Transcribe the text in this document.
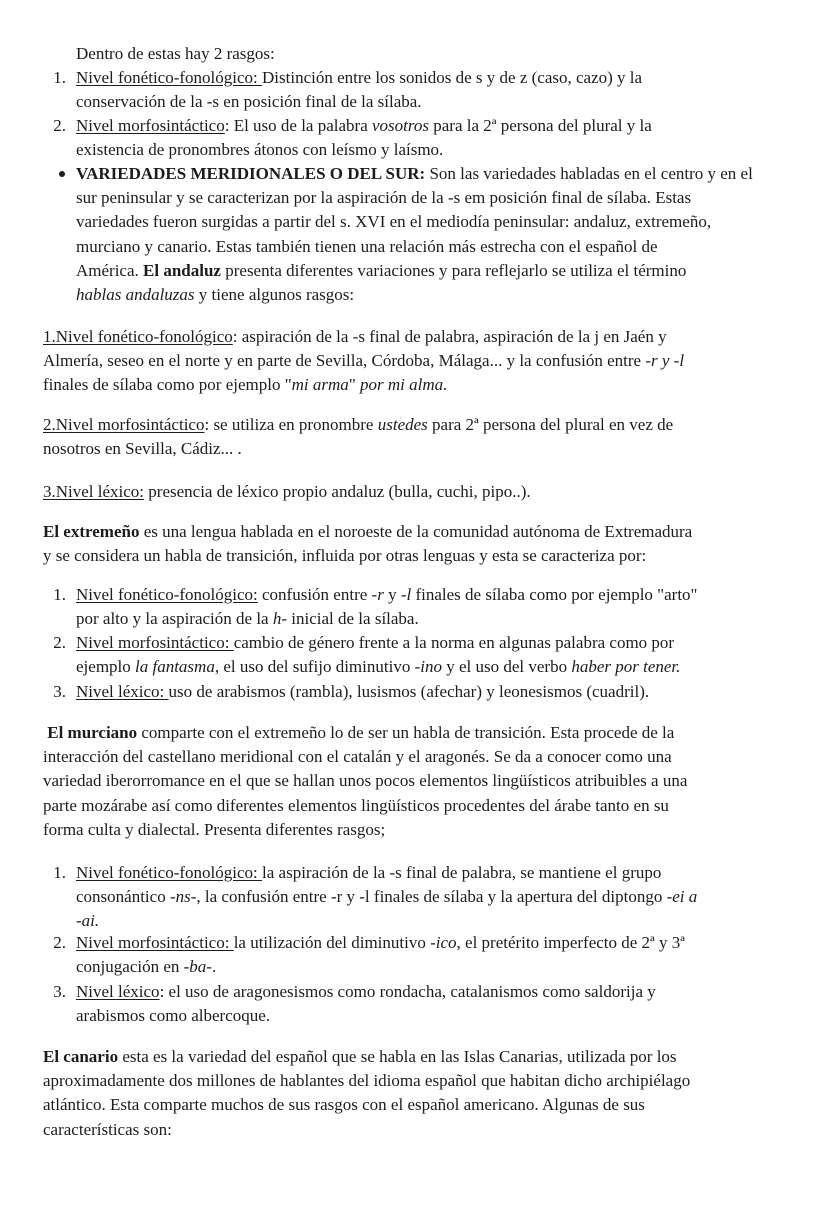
Dentro de estas hay 2 rasgos:
1. Nivel fonético-fonológico: Distinción entre los sonidos de s y de z (caso, cazo) y la
conservación de la -s en posición final de la sílaba.
2. Nivel morfosintáctico: El uso de la palabra vosotros para la 2ª persona del plural y la
existencia de pronombres átonos con leísmo y laísmo.
VARIEDADES MERIDIONALES O DEL SUR: Son las variedades habladas en el centro y en el
sur peninsular y se caracterizan por la aspiración de la -s em posición final de sílaba. Estas
variedades fueron surgidas a partir del s. XVI en el mediodía peninsular: andaluz, extremeño,
murciano y canario. Estas también tienen una relación más estrecha con el español de
América. El andaluz presenta diferentes variaciones y para reflejarlo se utiliza el término
hablas andaluzas y tiene algunos rasgos:
1.Nivel fonético-fonológico: aspiración de la -s final de palabra, aspiración de la j en Jaén y
Almería, seseo en el norte y en parte de Sevilla, Córdoba, Málaga... y la confusión entre -r y -l
finales de sílaba como por ejemplo "mi arma" por mi alma.
2.Nivel morfosintáctico: se utiliza en pronombre ustedes para 2ª persona del plural en vez de
nosotros en Sevilla, Cádiz... .
3.Nivel léxico: presencia de léxico propio andaluz (bulla, cuchi, pipo..).
El extremeño es una lengua hablada en el noroeste de la comunidad autónoma de Extremadura
y se considera un habla de transición, influida por otras lenguas y esta se caracteriza por:
1. Nivel fonético-fonológico: confusión entre -r y -l finales de sílaba como por ejemplo "arto"
por alto y la aspiración de la h- inicial de la sílaba.
2. Nivel morfosintáctico: cambio de género frente a la norma en algunas palabra como por
ejemplo la fantasma, el uso del sufijo diminutivo -ino y el uso del verbo haber por tener.
3. Nivel léxico: uso de arabismos (rambla), lusismos (afechar) y leonesismos (cuadril).
El murciano comparte con el extremeño lo de ser un habla de transición. Esta procede de la
interacción del castellano meridional con el catalán y el aragonés. Se da a conocer como una
variedad iberorromance en el que se hallan unos pocos elementos lingüísticos atribuibles a una
parte mozárabe así como diferentes elementos lingüísticos procedentes del árabe tanto en su
forma culta y dialectal. Presenta diferentes rasgos;
1. Nivel fonético-fonológico: la aspiración de la -s final de palabra, se mantiene el grupo
consonántico -ns-, la confusión entre -r y -l finales de sílaba y la apertura del diptongo -ei a
-ai.
2. Nivel morfosintáctico: la utilización del diminutivo -ico, el pretérito imperfecto de 2ª y 3ª
conjugación en -ba-.
3. Nivel léxico: el uso de aragonesismos como rondacha, catalanismos como saldorija y
arabismos como albercoque.
El canario esta es la variedad del español que se habla en las Islas Canarias, utilizada por los
aproximadamente dos millones de hablantes del idioma español que habitan dicho archipiélago
atlántico. Esta comparte muchos de sus rasgos con el español americano. Algunas de sus
características son:
